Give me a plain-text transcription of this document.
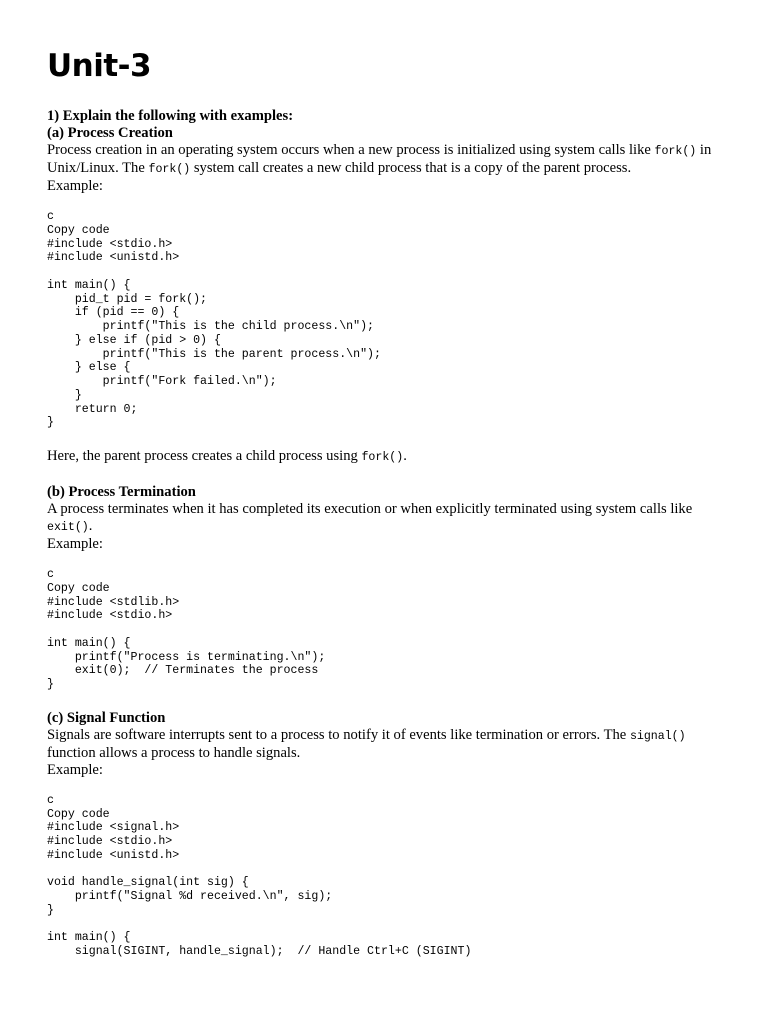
Unit-3

1) Explain the following with examples:

(a) Process Creation

Process creation in an operating system occurs when a new process is initialized using system calls like fork() in Unix/Linux. The fork() system call creates a new child process that is a copy of the parent process.

Example:

c
Copy code
#include <stdio.h>
#include <unistd.h>

int main() {
pid_t pid = fork();
if (pid == 0) {
printf("This is the child process.\n");
} else if (pid > 0) {
printf("This is the parent process.\n");
} else {
printf("Fork failed.\n");
}
return 0;
}

Here, the parent process creates a child process using fork().

(b) Process Termination

A process terminates when it has completed its execution or when explicitly terminated using system calls like exit().

Example:

c
Copy code
#include <stdlib.h>
#include <stdio.h>

int main() {
printf("Process is terminating.\n");
exit(0);  // Terminates the process
}

(c) Signal Function

Signals are software interrupts sent to a process to notify it of events like termination or errors. The signal() function allows a process to handle signals.

Example:

c
Copy code
#include <signal.h>
#include <stdio.h>
#include <unistd.h>

void handle_signal(int sig) {
printf("Signal %d received.\n", sig);
}

int main() {
signal(SIGINT, handle_signal);  // Handle Ctrl+C (SIGINT)
